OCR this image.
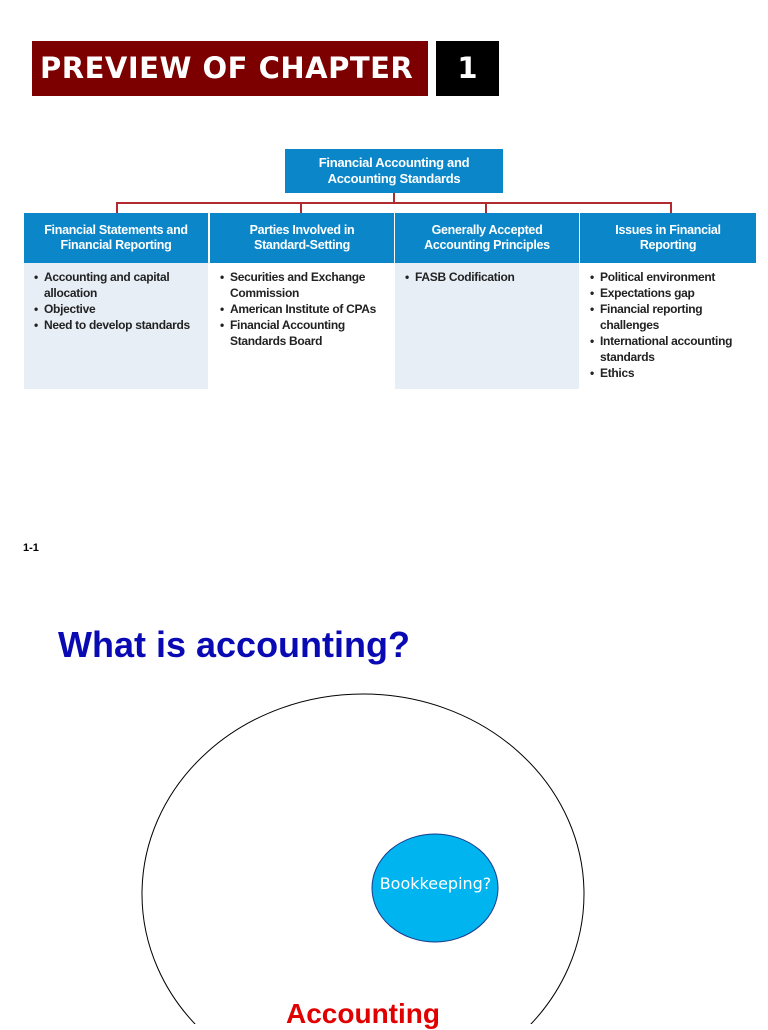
PREVIEW OF CHAPTER	1
Financial Accounting and
Accounting Standards
Financial Statements and
Financial Reporting
• Accounting and capital allocation
• Objective
• Need to develop standards
Parties Involved in
Standard-Setting
• Securities and Exchange Commission
• American Institute of CPAs
• Financial Accounting Standards Board
Generally Accepted
Accounting Principles
• FASB Codification
Issues in Financial
Reporting
• Political environment
• Expectations gap
• Financial reporting challenges
• International accounting standards
• Ethics
1-1
What is accounting?
Bookkeeping?
Accounting
